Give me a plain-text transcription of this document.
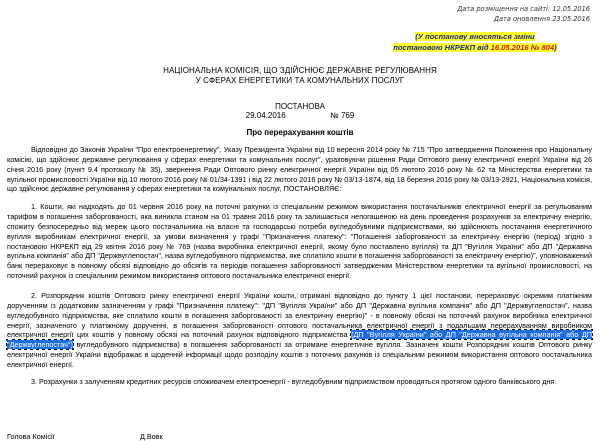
Дата розміщення на сайті: 12.05.2016
Дата оновлення 23.05.2016
(У постанову вносяться зміни
постановою НКРЕКП від 16.05.2016 № 804)
НАЦІОНАЛЬНА КОМІСІЯ, ЩО ЗДІЙСНЮЄ ДЕРЖАВНЕ РЕГУЛЮВАННЯ
У СФЕРАХ ЕНЕРГЕТИКИ ТА КОМУНАЛЬНИХ ПОСЛУГ
ПОСТАНОВА
29.04.2016	№ 769
Про перерахування коштів

Відповідно до Законів України "Про електроенергетику", Указу Президента України від 10 вересня 2014 року № 715 "Про затвердження Положення про Національну комісію, що здійснює державне регулювання у сферах енергетики та комунальних послуг", ураховуючи рішення Ради Оптового ринку електричної енергії України від 26 січня 2016 року (пункт 9.4 протоколу № 35), звернення Ради Оптового ринку електричної енергії України від 05 лютого 2016 року № 62 та Міністерства енергетики та вугільної промисловості України від 10 лютого 2016 року № 01/34-1391 і від 22 лютого 2016 року № 03/13-1874, від 18 березня 2016 року № 03/13-2921, Національна комісія, що здійснює державне регулювання у сферах енергетики та комунальних послуг, ПОСТАНОВЛЯЄ:

1. Кошти, які надходять до 01 червня 2016 року на поточні рахунки із спеціальним режимом використання постачальників електричної енергії за регульованим тарифом в погашення заборгованості, яка виникла станом на 01 травня 2016 року та залишається непогашеною на день проведення розрахунків за електричну енергію, спожиту безпосередньо від мереж цього постачальника на власні та господарські потреби вугледобувними підприємствами, які здійснюють постачання енергетичного вугілля виробникам електричної енергії, за умови визначення у графі "Призначення платежу": "Погашення заборгованості за електричну енергію (період) згідно з постановою НКРЕКП від 29 квітня 2016 року № 769 (назва виробника електричної енергії, якому було поставлено вугілля) та ДП "Вугілля України" або ДП "Державна вугільна компанія" або ДП "Держвуглепостач", назва вугледобувного підприємства, яке сплатило кошти в погашення заборгованості за електричну енергію)", уповноважений банк перераховує в повному обсязі відповідно до обсягів та періодів погашення заборгованості затвердженим Міністерством енергетики та вугільної промисловості, на поточний рахунок із спеціальним режимом використання оптового постачальника електричної енергії.

2. Розпорядник коштів Оптового ринку електричної енергії України кошти, отримані відповідно до пункту 1 цієї постанови, перераховує окремим платіжним дорученням із додатковим зазначенням у графі "Призначення платежу": "ДП "Вугілля України" або ДП "Державна вугільна компанія" або ДП "Держвуглепостач", назва вугледобувного підприємства, яке сплатило кошти в погашення заборгованості за електричну енергію)" - в повному обсязі на поточний рахунок виробника електричної енергії, зазначеного у платіжному дорученні, в погашення заборгованості оптового постачальника електричної енергії з подальшим перерахуванням виробником електричної енергії цих коштів у повному обсязі на поточний рахунок відповідного підприємства (ДП "Вугілля України" або ДП "Державна вугільна компанія" або ДП "Держвуглепостач") вугледобувного підприємства) в погашення заборгованості за отримане енергетичне вугілля. Зазначені кошти Розпорядник коштів Оптового ринку електричної енергії України відображає в щоденній інформації щодо розподілу коштів з поточних рахунків із спеціальним режимом використання оптового постачальника електричної енергії.

3. Розрахунки з залученням кредитних ресурсів споживачем електроенергії - вугледобувним підприємством проводяться протягом одного банківського дня.

Голова Комісії	Д.Вовк
